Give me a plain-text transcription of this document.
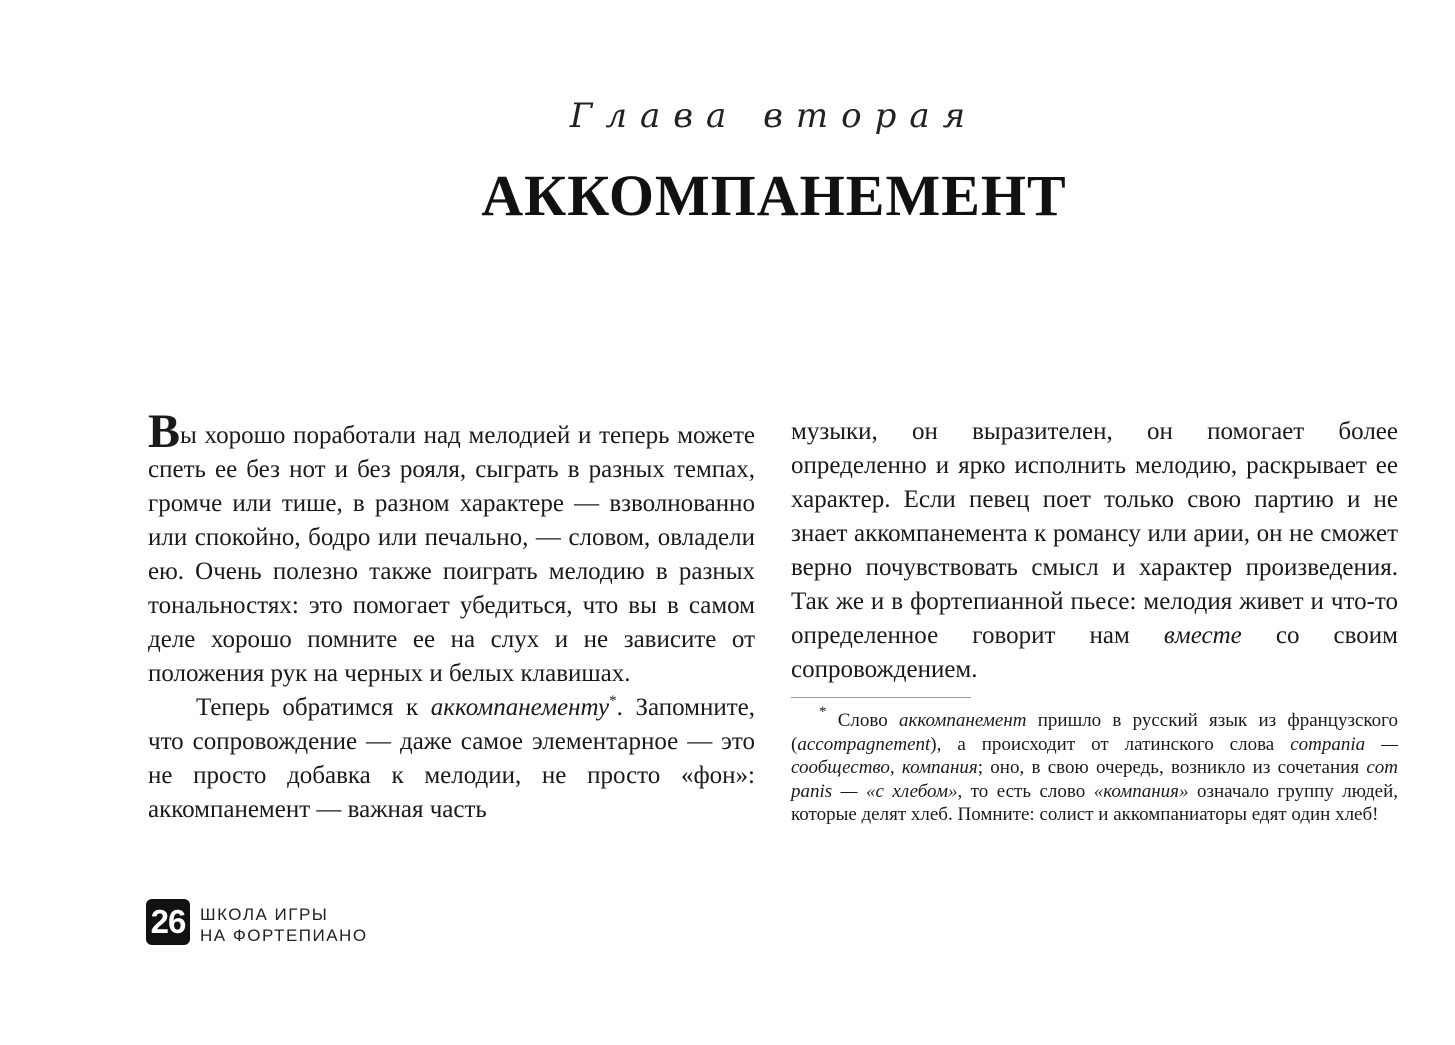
Глава вторая
АККОМПАНЕМЕНТ

Вы хорошо поработали над мелодией и теперь можете спеть ее без нот и без рояля, сыграть в разных темпах, громче или тише, в разном характере — взволнованно или спокойно, бодро или печально, — словом, овладели ею. Очень полезно также поиграть мелодию в разных тональностях: это помогает убедиться, что вы в самом деле хорошо помните ее на слух и не зависите от положения рук на черных и белых клавишах.

Теперь обратимся к аккомпанементу*. Запомните, что сопровождение — даже самое элементарное — это не просто добавка к мелодии, не просто «фон»: аккомпанемент — важная часть

музыки, он выразителен, он помогает более определенно и ярко исполнить мелодию, раскрывает ее характер. Если певец поет только свою партию и не знает аккомпанемента к романсу или арии, он не сможет верно почувствовать смысл и характер произведения. Так же и в фортепианной пьесе: мелодия живет и что-то определенное говорит нам вместе со своим сопровождением.

* Слово аккомпанемент пришло в русский язык из французского (accompagnement), а происходит от латинского слова compania — сообщество, компания; оно, в свою очередь, возникло из сочетания com panis — «с хлебом», то есть слово «компания» означало группу людей, которые делят хлеб. Помните: солист и аккомпаниаторы едят один хлеб!

26 ШКОЛА ИГРЫ
НА ФОРТЕПИАНО
